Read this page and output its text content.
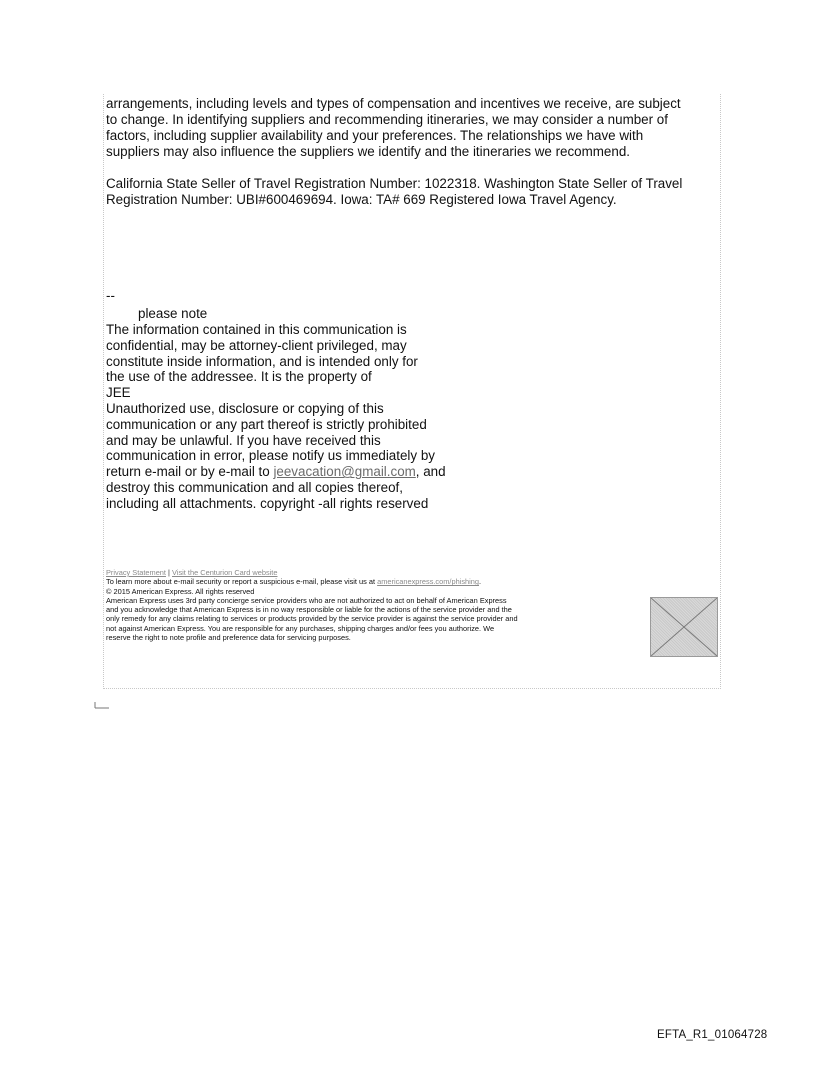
arrangements, including levels and types of compensation and incentives we receive, are subject
to change. In identifying suppliers and recommending itineraries, we may consider a number of
factors, including supplier availability and your preferences. The relationships we have with
suppliers may also influence the suppliers we identify and the itineraries we recommend.

California State Seller of Travel Registration Number: 1022318. Washington State Seller of Travel
Registration Number: UBI#600469694. Iowa: TA# 669 Registered Iowa Travel Agency.

--
please note

The information contained in this communication is
confidential, may be attorney-client privileged, may
constitute inside information, and is intended only for
the use of the addressee. It is the property of
JEE
Unauthorized use, disclosure or copying of this
communication or any part thereof is strictly prohibited
and may be unlawful. If you have received this
communication in error, please notify us immediately by
return e-mail or by e-mail to jeevacation@gmail.com, and
destroy this communication and all copies thereof,
including all attachments. copyright -all rights reserved

Privacy Statement | Visit the Centurion Card website
To learn more about e-mail security or report a suspicious e-mail, please visit us at americanexpress.com/phishing.
© 2015 American Express. All rights reserved
American Express uses 3rd party concierge service providers who are not authorized to act on behalf of American Express
and you acknowledge that American Express is in no way responsible or liable for the actions of the service provider and the
only remedy for any claims relating to services or products provided by the service provider is against the service provider and
not against American Express. You are responsible for any purchases, shipping charges and/or fees you authorize. We
reserve the right to note profile and preference data for servicing purposes.
EFTA_R1_01064728
